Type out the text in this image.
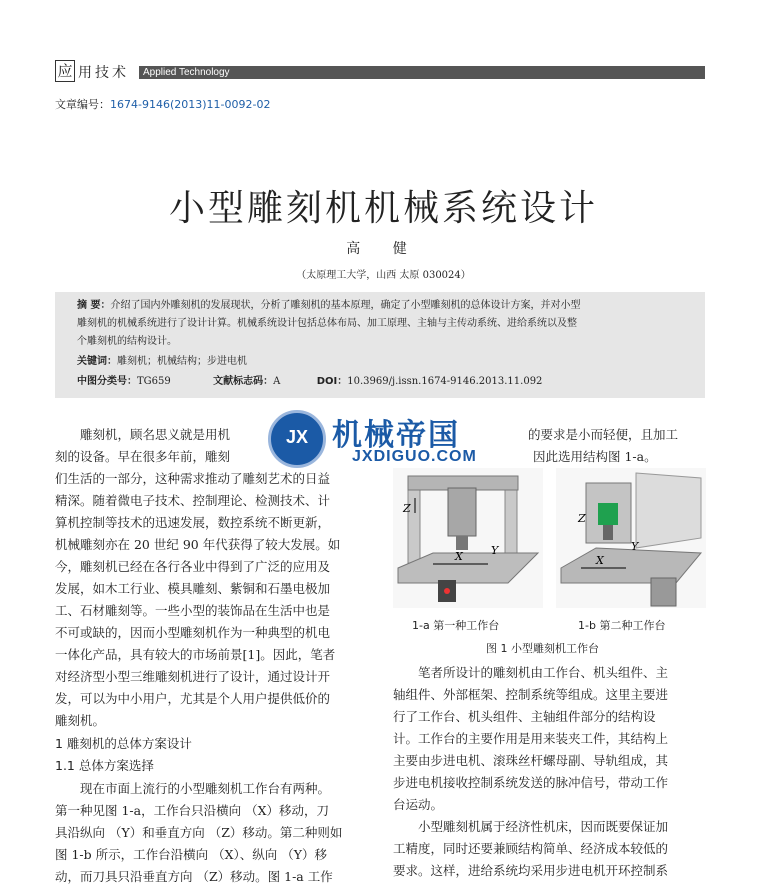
应 用技术 Applied Technology
文章编号：1674-9146(2013)11-0092-02
小型雕刻机机械系统设计
高 健
（太原理工大学，山西 太原 030024）
摘 要：介绍了国内外雕刻机的发展现状，分析了雕刻机的基本原理，确定了小型雕刻机的总体设计方案，并对小型
雕刻机的机械系统进行了设计计算。机械系统设计包括总体布局、加工原理、主轴与主传动系统、进给系统以及整
个雕刻机的结构设计。
关键词：雕刻机；机械结构；步进电机
中图分类号：TG659	文献标志码：A	DOI：10.3969/j.issn.1674-9146.2013.11.092
雕刻机，顾名思义就是用机
刻的设备。早在很多年前，雕刻
们生活的一部分，这种需求推动了雕刻艺术的日益
精深。随着微电子技术、控制理论、检测技术、计
算机控制等技术的迅速发展，数控系统不断更新，
机械雕刻亦在 20 世纪 90 年代获得了较大发展。如
今，雕刻机已经在各行各业中得到了广泛的应用及
发展，如木工行业、模具雕刻、紫铜和石墨电极加
工、石材雕刻等。一些小型的装饰品在生活中也是
不可或缺的，因而小型雕刻机作为一种典型的机电
一体化产品，具有较大的市场前景[1]。因此，笔者
对经济型小型三维雕刻机进行了设计，通过设计开
发，可以为中小用户，尤其是个人用户提供低价的
雕刻机。
1 雕刻机的总体方案设计
1.1 总体方案选择
现在市面上流行的小型雕刻机工作台有两种。
第一种见图 1-a，工作台只沿横向 （X）移动，刀
具沿纵向 （Y）和垂直方向 （Z）移动。第二种则如
图 1-b 所示，工作台沿横向 （X）、纵向 （Y）移
动，而刀具只沿垂直方向 （Z）移动。图 1-a 工作
JX 机械帝国
JXDIGUO.COM
的要求是小而轻便，且加工
因此选用结构图 1-a。
Z
X	Y
Z
X
Y
1-a 第一种工作台	1-b 第二种工作台
图 1 小型雕刻机工作台
笔者所设计的雕刻机由工作台、机头组件、主
轴组件、外部框架、控制系统等组成。这里主要进
行了工作台、机头组件、主轴组件部分的结构设
计。工作台的主要作用是用来装夹工件，其结构上
主要由步进电机、滚珠丝杆螺母副、导轨组成，其
步进电机接收控制系统发送的脉冲信号，带动工作
台运动。
小型雕刻机属于经济性机床，因而既要保证加
工精度，同时还要兼顾结构简单、经济成本较低的
要求。这样，进给系统均采用步进电机开环控制系
